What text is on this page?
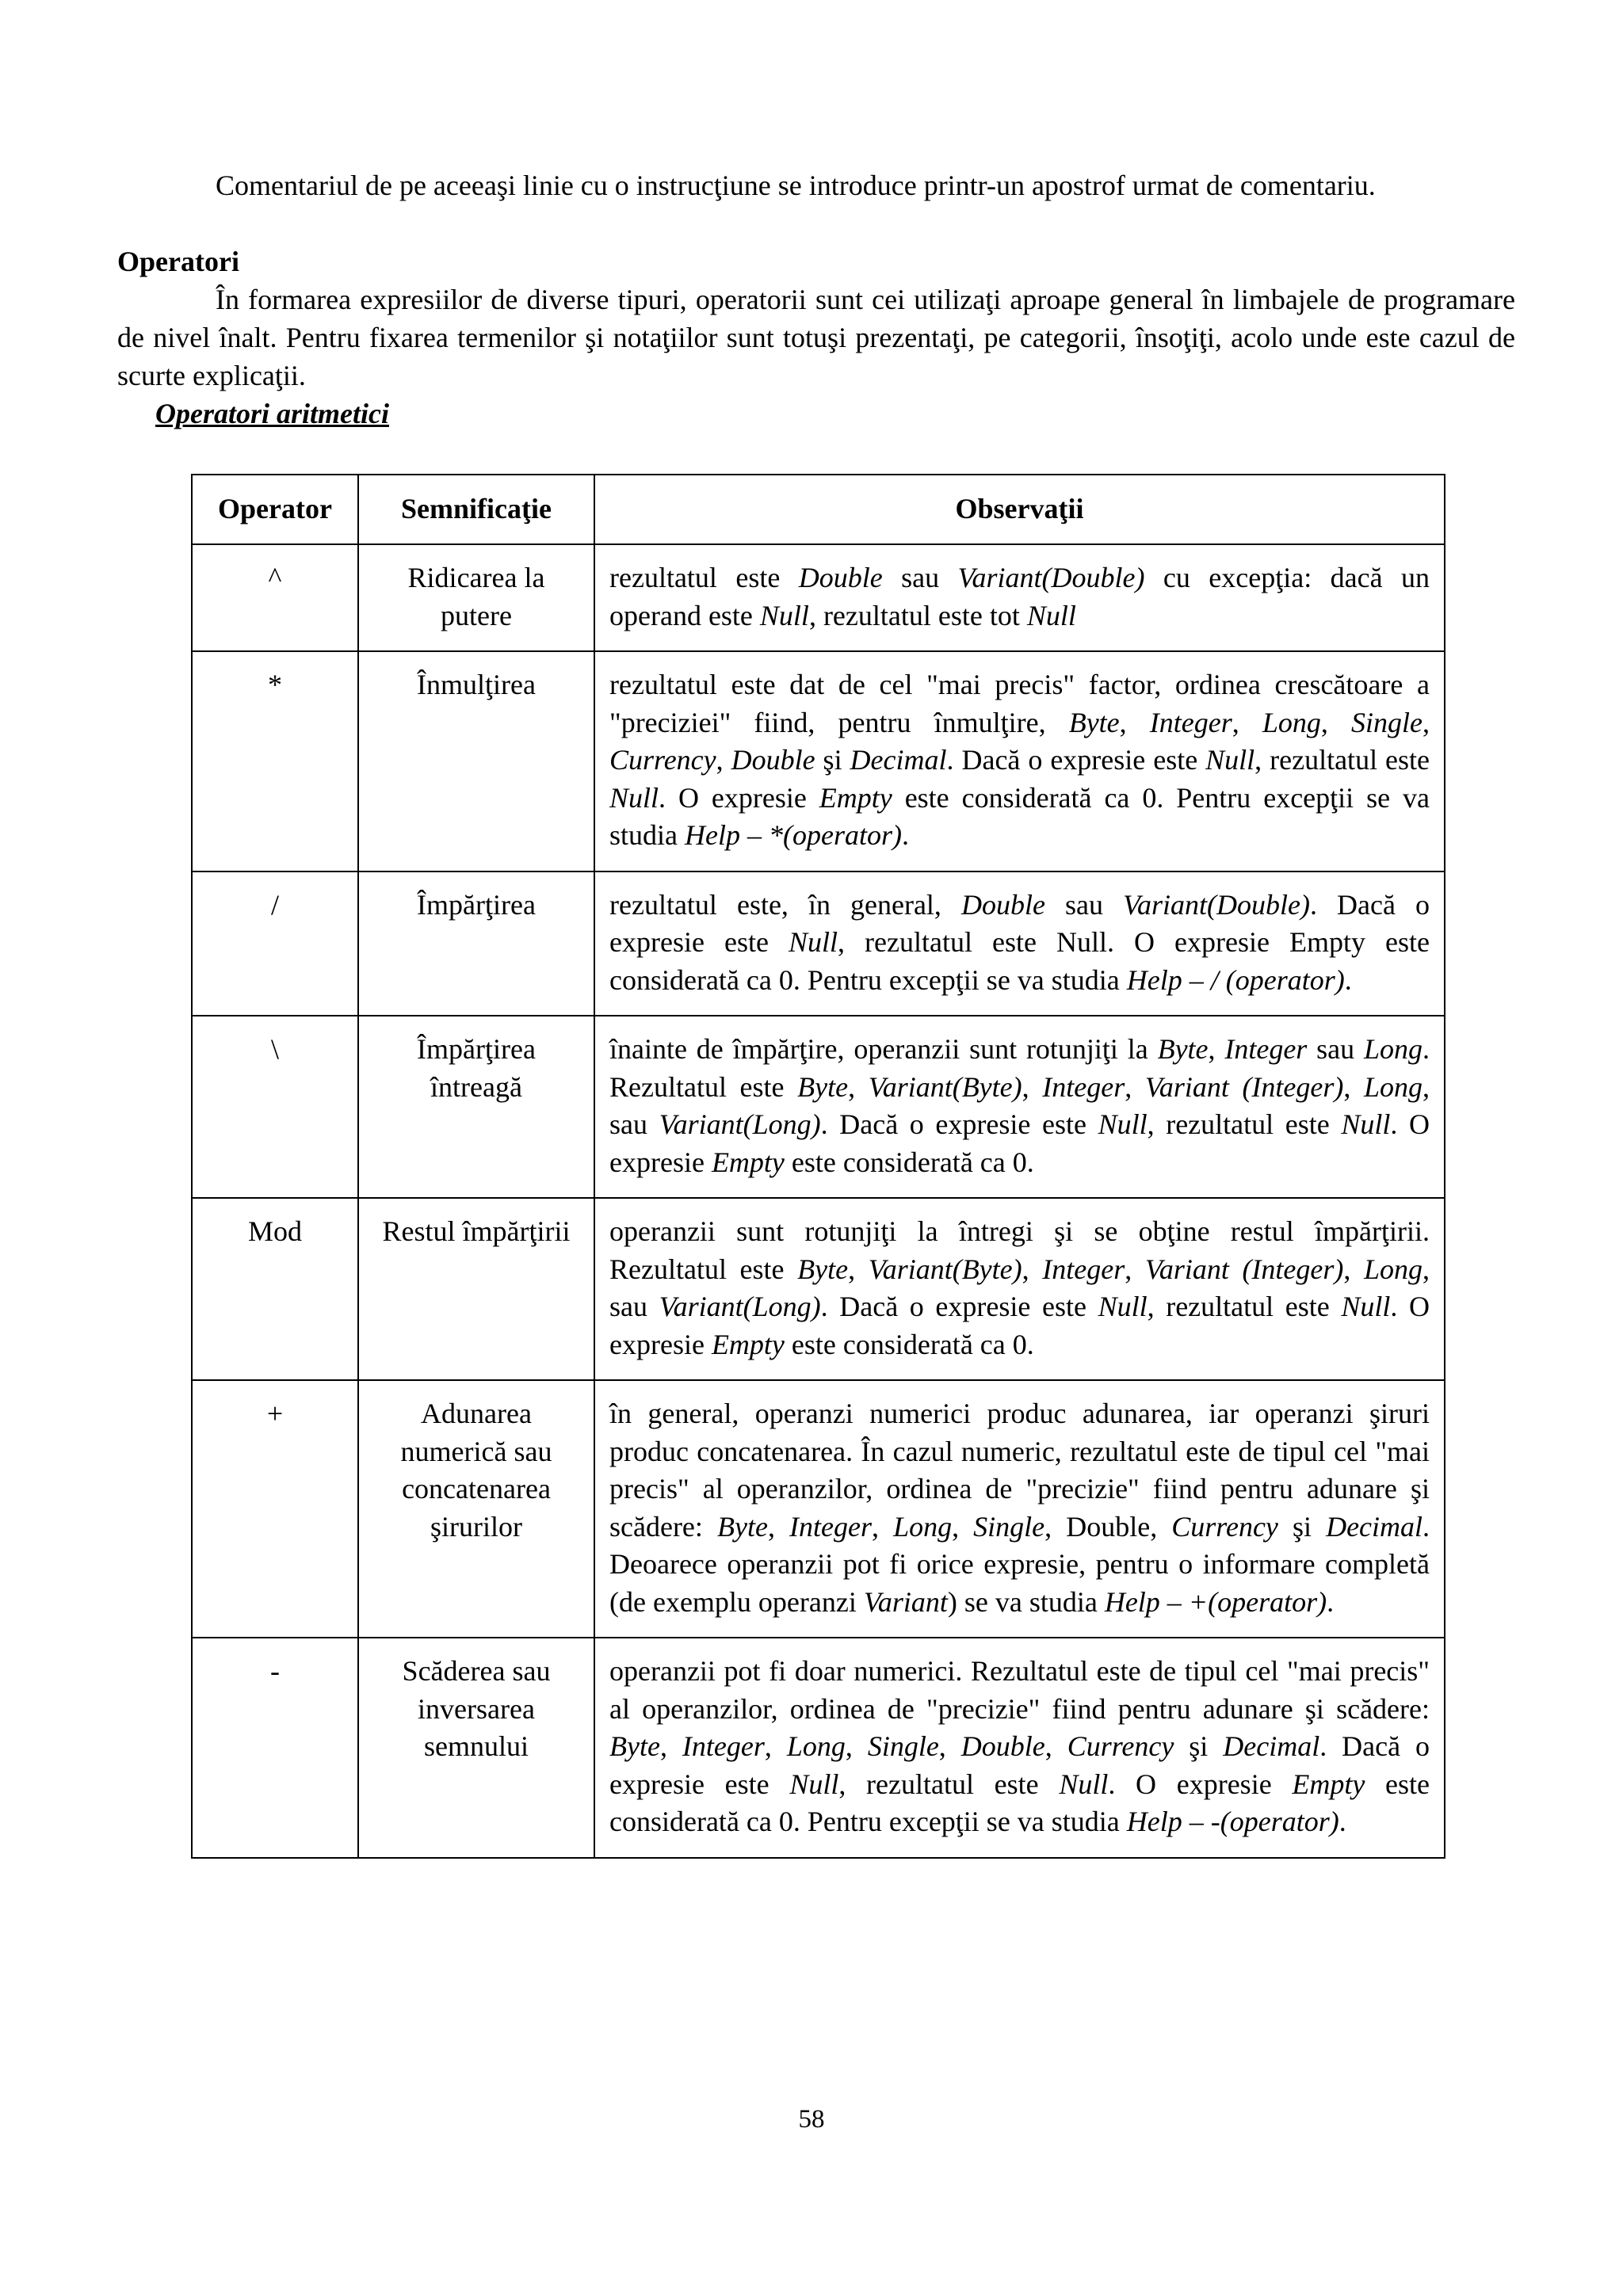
Comentariul de pe aceeaşi linie cu o instrucţiune se introduce printr-un apostrof urmat de comentariu.

Operatori

În formarea expresiilor de diverse tipuri, operatorii sunt cei utilizaţi aproape general în limbajele de programare de nivel înalt. Pentru fixarea termenilor şi notaţiilor sunt totuşi prezentaţi, pe categorii, însoţiţi, acolo unde este cazul de scurte explicaţii.

Operatori aritmetici

Operator	Semnificaţie	Observaţii
^	Ridicarea la putere	rezultatul este Double sau Variant(Double) cu excepţia: dacă un operand este Null, rezultatul este tot Null
*	Înmulţirea	rezultatul este dat de cel "mai precis" factor, ordinea crescătoare a "preciziei" fiind, pentru înmulţire, Byte, Integer, Long, Single, Currency, Double şi Decimal. Dacă o expresie este Null, rezultatul este Null. O expresie Empty este considerată ca 0. Pentru excepţii se va studia Help – *(operator).
/	Împărţirea	rezultatul este, în general, Double sau Variant(Double). Dacă o expresie este Null, rezultatul este Null. O expresie Empty este considerată ca 0. Pentru excepţii se va studia Help – / (operator).
\	Împărţirea întreagă	înainte de împărţire, operanzii sunt rotunjiţi la Byte, Integer sau Long. Rezultatul este Byte, Variant(Byte), Integer, Variant (Integer), Long, sau Variant(Long). Dacă o expresie este Null, rezultatul este Null. O expresie Empty este considerată ca 0.
Mod	Restul împărţirii	operanzii sunt rotunjiţi la întregi şi se obţine restul împărţirii. Rezultatul este Byte, Variant(Byte), Integer, Variant (Integer), Long, sau Variant(Long). Dacă o expresie este Null, rezultatul este Null. O expresie Empty este considerată ca 0.
+	Adunarea numerică sau concatenarea şirurilor	în general, operanzi numerici produc adunarea, iar operanzi şiruri produc concatenarea. În cazul numeric, rezultatul este de tipul cel "mai precis" al operanzilor, ordinea de "precizie" fiind pentru adunare şi scădere: Byte, Integer, Long, Single, Double, Currency şi Decimal. Deoarece operanzii pot fi orice expresie, pentru o informare completă (de exemplu operanzi Variant) se va studia Help – +(operator).
-	Scăderea sau inversarea semnului	operanzii pot fi doar numerici. Rezultatul este de tipul cel "mai precis" al operanzilor, ordinea de "precizie" fiind pentru adunare şi scădere: Byte, Integer, Long, Single, Double, Currency şi Decimal. Dacă o expresie este Null, rezultatul este Null. O expresie Empty este considerată ca 0. Pentru excepţii se va studia Help – -(operator).
58
